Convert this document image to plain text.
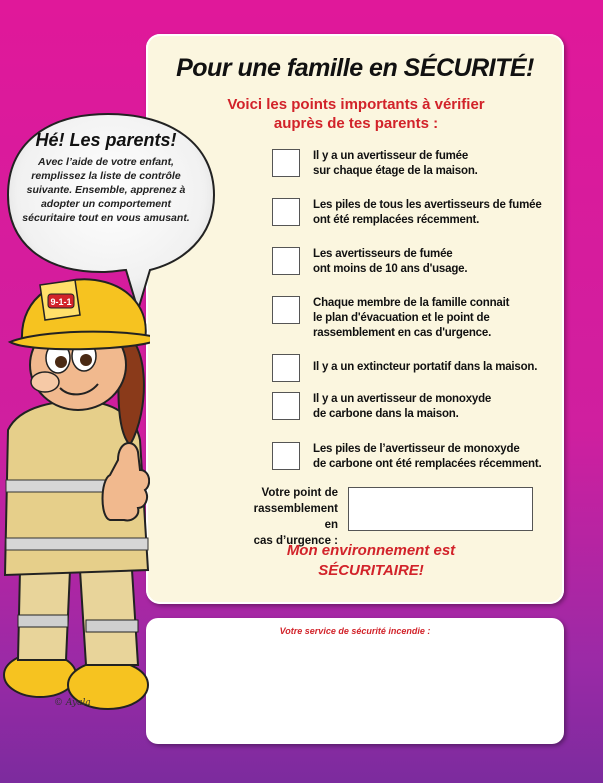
Pour une famille en SÉCURITÉ!
Voici les points importants à vérifier auprès de tes parents :
Il y a un avertisseur de fumée
sur chaque étage de la maison.
Les piles de tous les avertisseurs de fumée
ont été remplacées récemment.
Les avertisseurs de fumée
ont moins de 10 ans d'usage.
Chaque membre de la famille connait
le plan d'évacuation et le point de
rassemblement en cas d'urgence.
Il y a un extincteur portatif dans la maison.
Il y a un avertisseur de monoxyde
de carbone dans la maison.
Les piles de l’avertisseur de monoxyde
de carbone ont été remplacées récemment.
Votre point de
rassemblement en
cas d’urgence :
Mon environnement est
SÉCURITAIRE!
Votre service de sécurité incendie :
Hé! Les parents!
Avec l’aide de votre enfant, remplissez la liste de contrôle suivante. Ensemble, apprenez à adopter un comportement sécuritaire tout en vous amusant.
9-1-1
© Ayala
